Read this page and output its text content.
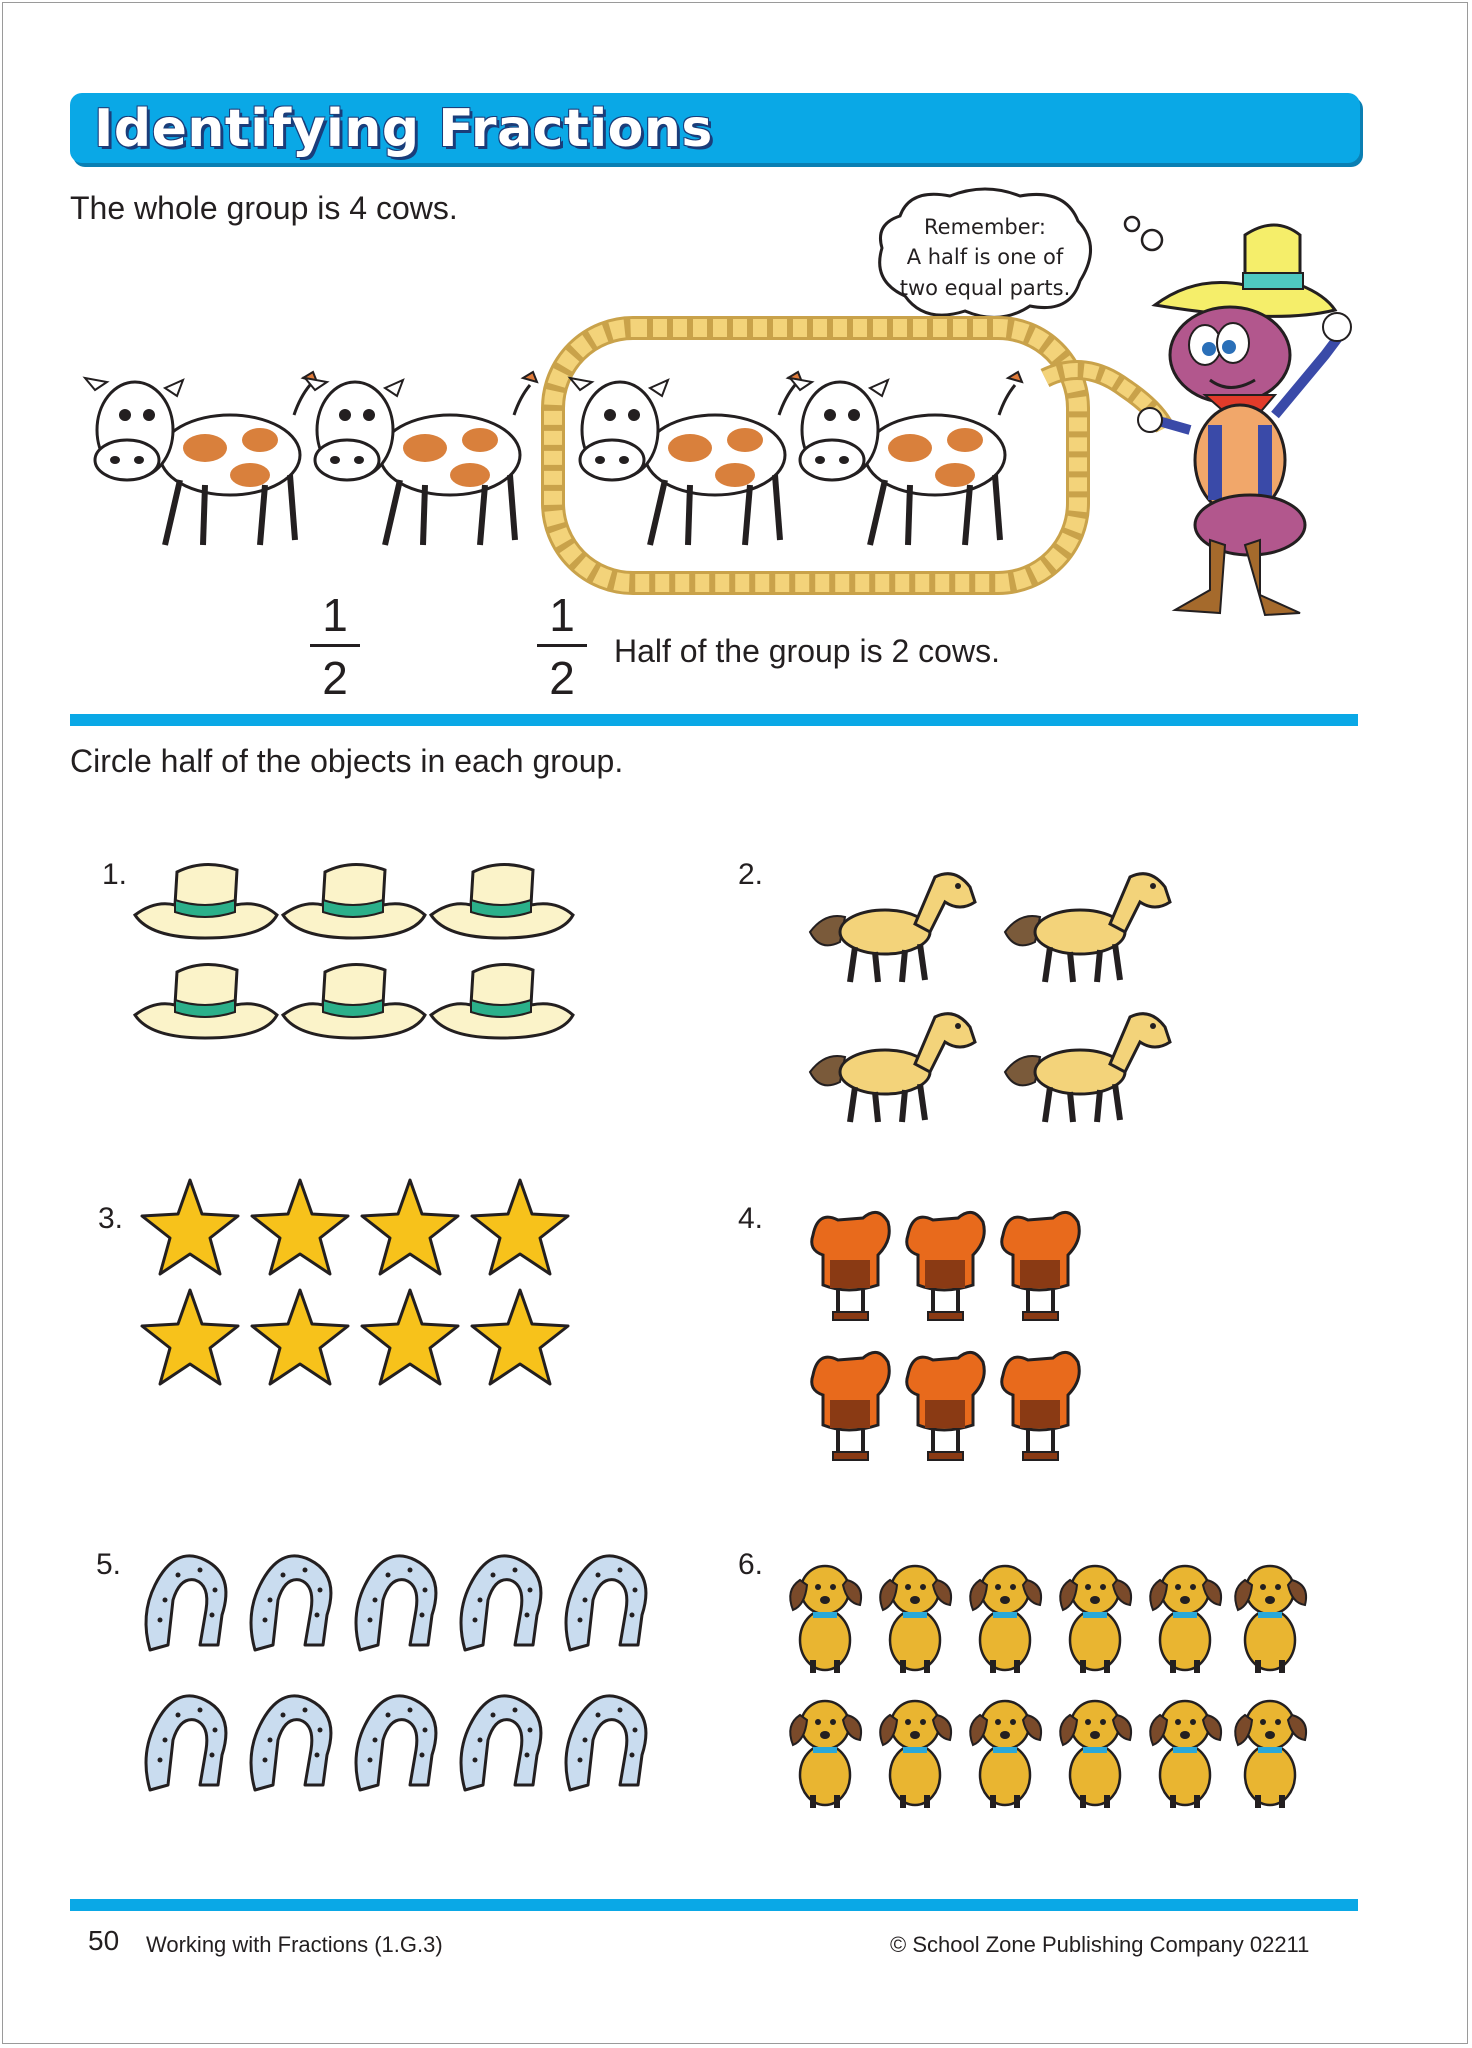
Identifying Fractions
The whole group is 4 cows.
Remember:
A half is one of
two equal parts.
1
2
1
2
Half of the group is 2 cows.
Circle half of the objects in each group.
1.	2.
3.	4.
5.	6.
50 Working with Fractions (1.G.3)	© School Zone Publishing Company 02211
